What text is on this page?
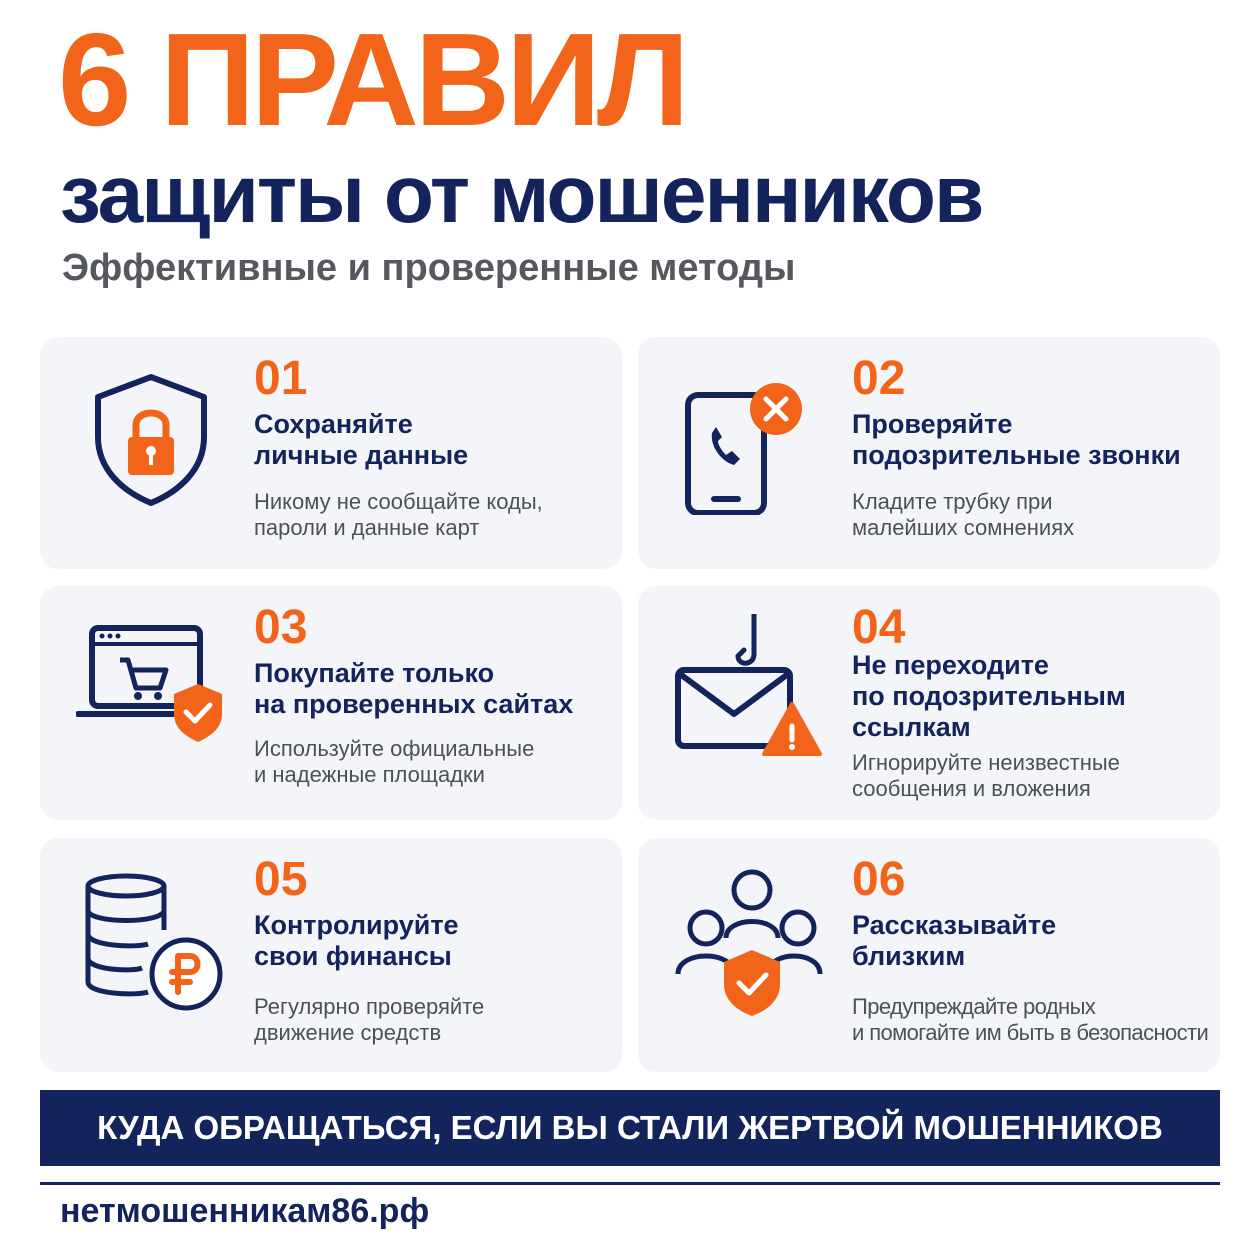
6 ПРАВИЛ
защиты от мошенников
Эффективные и проверенные методы
01
Сохраняйте
личные данные
Никому не сообщайте коды,
пароли и данные карт
02
Проверяйте
подозрительные звонки
Кладите трубку при
малейших сомнениях
03
Покупайте только
на проверенных сайтах
Используйте официальные
и надежные площадки
04
Не переходите
по подозрительным
ссылкам
Игнорируйте неизвестные
сообщения и вложения
05
Контролируйте
свои финансы
Регулярно проверяйте
движение средств
06
Рассказывайте
близким
Предупреждайте родных
и помогайте им быть в безопасности
КУДА ОБРАЩАТЬСЯ, ЕСЛИ ВЫ СТАЛИ ЖЕРТВОЙ МОШЕННИКОВ
нетмошенникам86.рф
